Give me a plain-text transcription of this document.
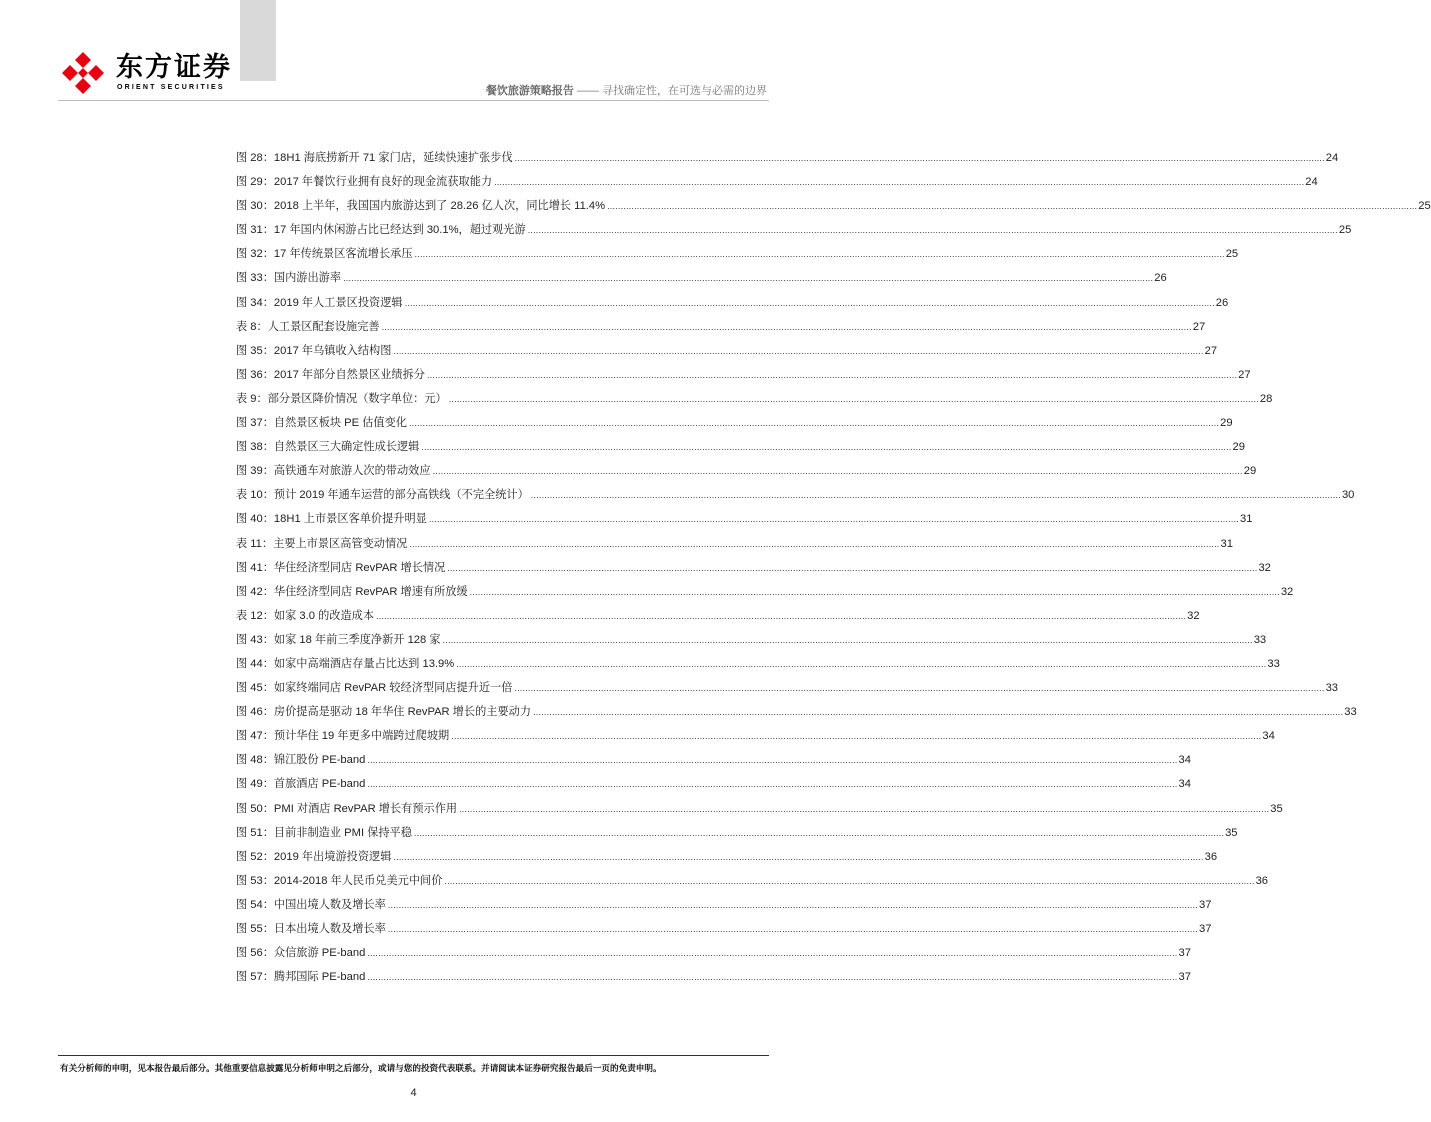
东方证券
ORIENT SECURITIES	餐饮旅游策略报告 —— 寻找确定性，在可选与必需的边界
图 28：18H1 海底捞新开 71 家门店，延续快速扩张步伐 ............................................................................................................................................................................................................................................................................................................ 24
图 29：2017 年餐饮行业拥有良好的现金流获取能力 ............................................................................................................................................................................................................................................................................................................ 24
图 30：2018 上半年，我国国内旅游达到了 28.26 亿人次，同比增长 11.4% ............................................................................................................................................................................................................................................................................................................ 25
图 31：17 年国内休闲游占比已经达到 30.1%，超过观光游 ............................................................................................................................................................................................................................................................................................................ 25
图 32：17 年传统景区客流增长承压 ............................................................................................................................................................................................................................................................................................................ 25
图 33：国内游出游率 ............................................................................................................................................................................................................................................................................................................ 26
图 34：2019 年人工景区投资逻辑 ............................................................................................................................................................................................................................................................................................................ 26
表 8：人工景区配套设施完善 ............................................................................................................................................................................................................................................................................................................ 27
图 35：2017 年乌镇收入结构图 ............................................................................................................................................................................................................................................................................................................ 27
图 36：2017 年部分自然景区业绩拆分 ............................................................................................................................................................................................................................................................................................................ 27
表 9：部分景区降价情况（数字单位：元） ............................................................................................................................................................................................................................................................................................................ 28
图 37：自然景区板块 PE 估值变化 ............................................................................................................................................................................................................................................................................................................ 29
图 38：自然景区三大确定性成长逻辑 ............................................................................................................................................................................................................................................................................................................ 29
图 39：高铁通车对旅游人次的带动效应 ............................................................................................................................................................................................................................................................................................................ 29
表 10：预计 2019 年通车运营的部分高铁线（不完全统计） ............................................................................................................................................................................................................................................................................................................ 30
图 40：18H1 上市景区客单价提升明显 ............................................................................................................................................................................................................................................................................................................ 31
表 11：主要上市景区高管变动情况 ............................................................................................................................................................................................................................................................................................................ 31
图 41：华住经济型同店 RevPAR 增长情况 ............................................................................................................................................................................................................................................................................................................ 32
图 42：华住经济型同店 RevPAR 增速有所放缓 ............................................................................................................................................................................................................................................................................................................ 32
表 12：如家 3.0 的改造成本 ............................................................................................................................................................................................................................................................................................................ 32
图 43：如家 18 年前三季度净新开 128 家 ............................................................................................................................................................................................................................................................................................................ 33
图 44：如家中高端酒店存量占比达到 13.9% ............................................................................................................................................................................................................................................................................................................ 33
图 45：如家终端同店 RevPAR 较经济型同店提升近一倍 ............................................................................................................................................................................................................................................................................................................ 33
图 46：房价提高是驱动 18 年华住 RevPAR 增长的主要动力 ............................................................................................................................................................................................................................................................................................................ 33
图 47：预计华住 19 年更多中端跨过爬坡期 ............................................................................................................................................................................................................................................................................................................ 34
图 48：锦江股份 PE-band ............................................................................................................................................................................................................................................................................................................ 34
图 49：首旅酒店 PE-band ............................................................................................................................................................................................................................................................................................................ 34
图 50：PMI 对酒店 RevPAR 增长有预示作用 ............................................................................................................................................................................................................................................................................................................ 35
图 51：目前非制造业 PMI 保持平稳 ............................................................................................................................................................................................................................................................................................................ 35
图 52：2019 年出境游投资逻辑 ............................................................................................................................................................................................................................................................................................................ 36
图 53：2014-2018 年人民币兑美元中间价 ............................................................................................................................................................................................................................................................................................................ 36
图 54：中国出境人数及增长率 ............................................................................................................................................................................................................................................................................................................ 37
图 55：日本出境人数及增长率 ............................................................................................................................................................................................................................................................................................................ 37
图 56：众信旅游 PE-band ............................................................................................................................................................................................................................................................................................................ 37
图 57：腾邦国际 PE-band ............................................................................................................................................................................................................................................................................................................ 37
有关分析师的申明，见本报告最后部分。其他重要信息披露见分析师申明之后部分，或请与您的投资代表联系。并请阅读本证券研究报告最后一页的免责申明。
4
